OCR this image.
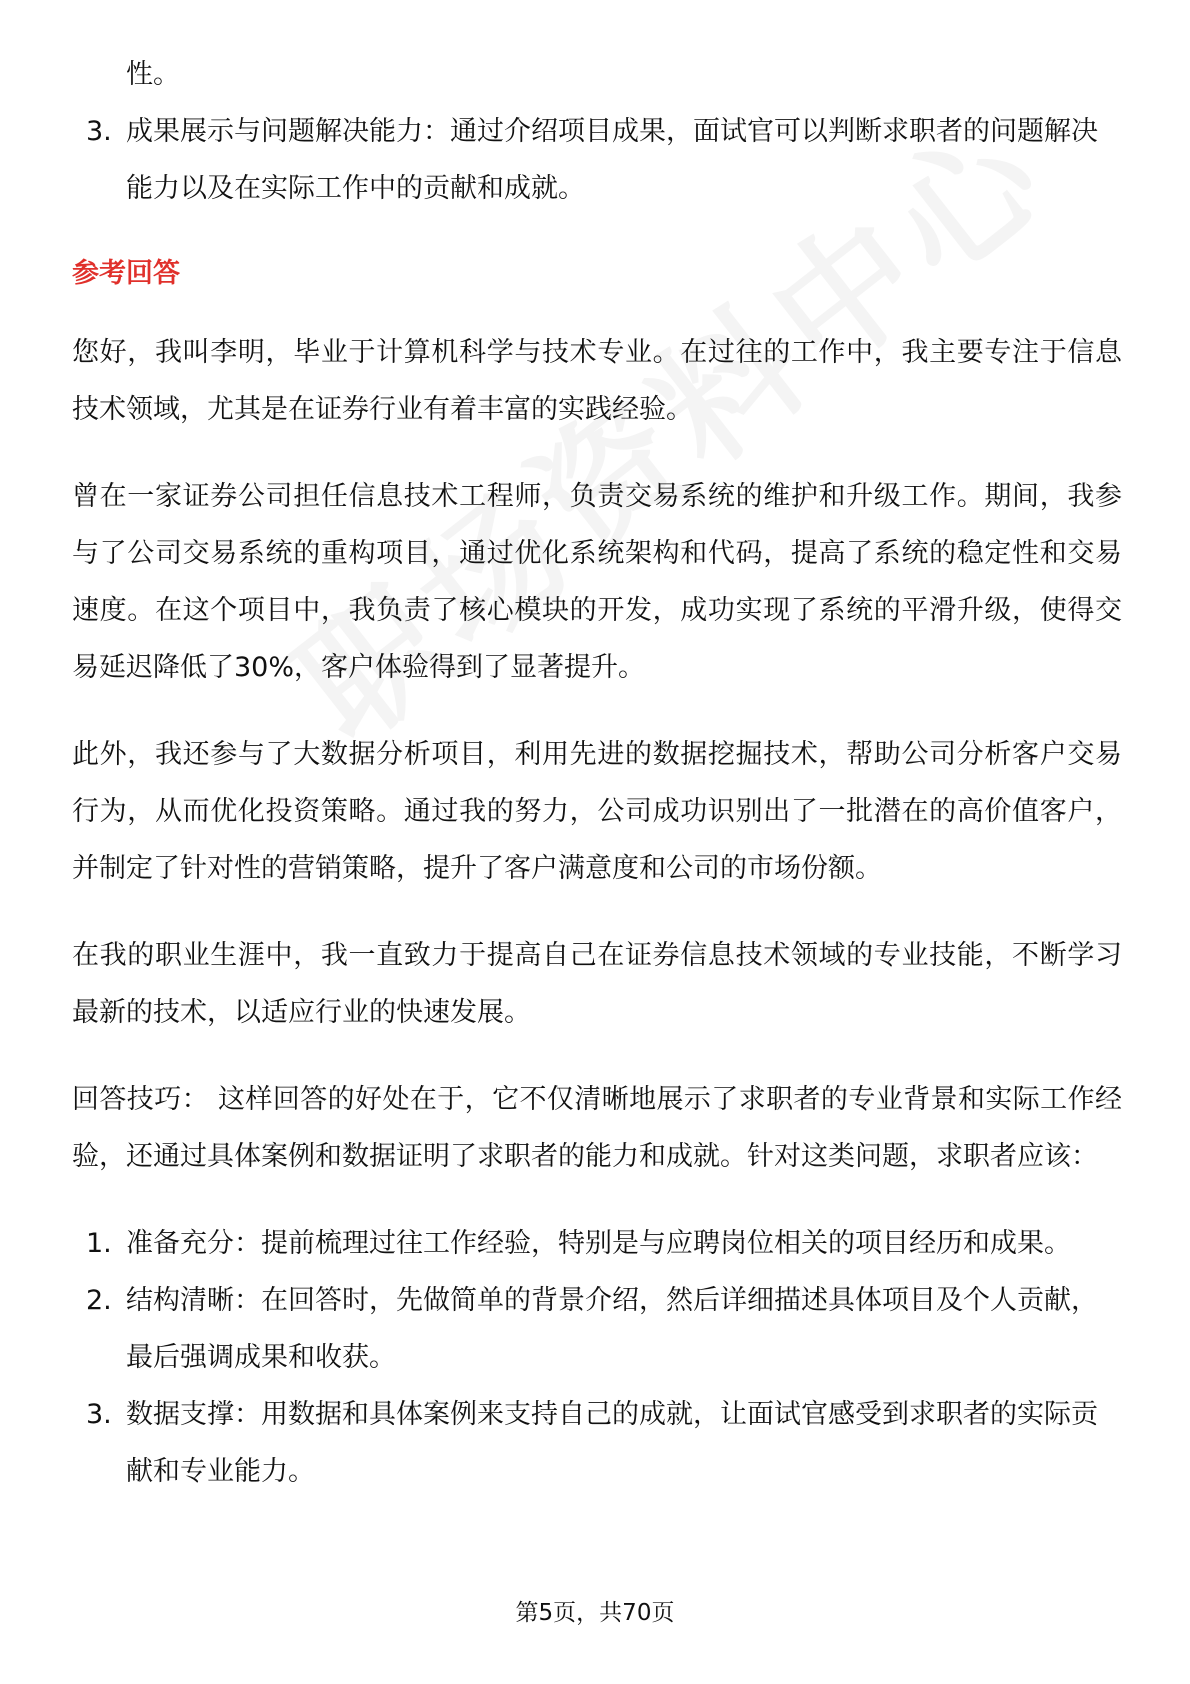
性。
3. 成果展示与问题解决能力：通过介绍项目成果，面试官可以判断求职者的问题解决能力以及在实际工作中的贡献和成就。
参考回答

您好，我叫李明，毕业于计算机科学与技术专业。在过往的工作中，我主要专注于信息技术领域，尤其是在证券行业有着丰富的实践经验。

曾在一家证券公司担任信息技术工程师，负责交易系统的维护和升级工作。期间，我参与了公司交易系统的重构项目，通过优化系统架构和代码，提高了系统的稳定性和交易速度。在这个项目中，我负责了核心模块的开发，成功实现了系统的平滑升级，使得交易延迟降低了30%，客户体验得到了显著提升。

此外，我还参与了大数据分析项目，利用先进的数据挖掘技术，帮助公司分析客户交易行为，从而优化投资策略。通过我的努力，公司成功识别出了一批潜在的高价值客户，并制定了针对性的营销策略，提升了客户满意度和公司的市场份额。

在我的职业生涯中，我一直致力于提高自己在证券信息技术领域的专业技能，不断学习最新的技术，以适应行业的快速发展。

回答技巧： 这样回答的好处在于，它不仅清晰地展示了求职者的专业背景和实际工作经验，还通过具体案例和数据证明了求职者的能力和成就。针对这类问题，求职者应该：

1. 准备充分：提前梳理过往工作经验，特别是与应聘岗位相关的项目经历和成果。
2. 结构清晰：在回答时，先做简单的背景介绍，然后详细描述具体项目及个人贡献，最后强调成果和收获。
3. 数据支撑：用数据和具体案例来支持自己的成就，让面试官感受到求职者的实际贡献和专业能力。
第5页，共70页
